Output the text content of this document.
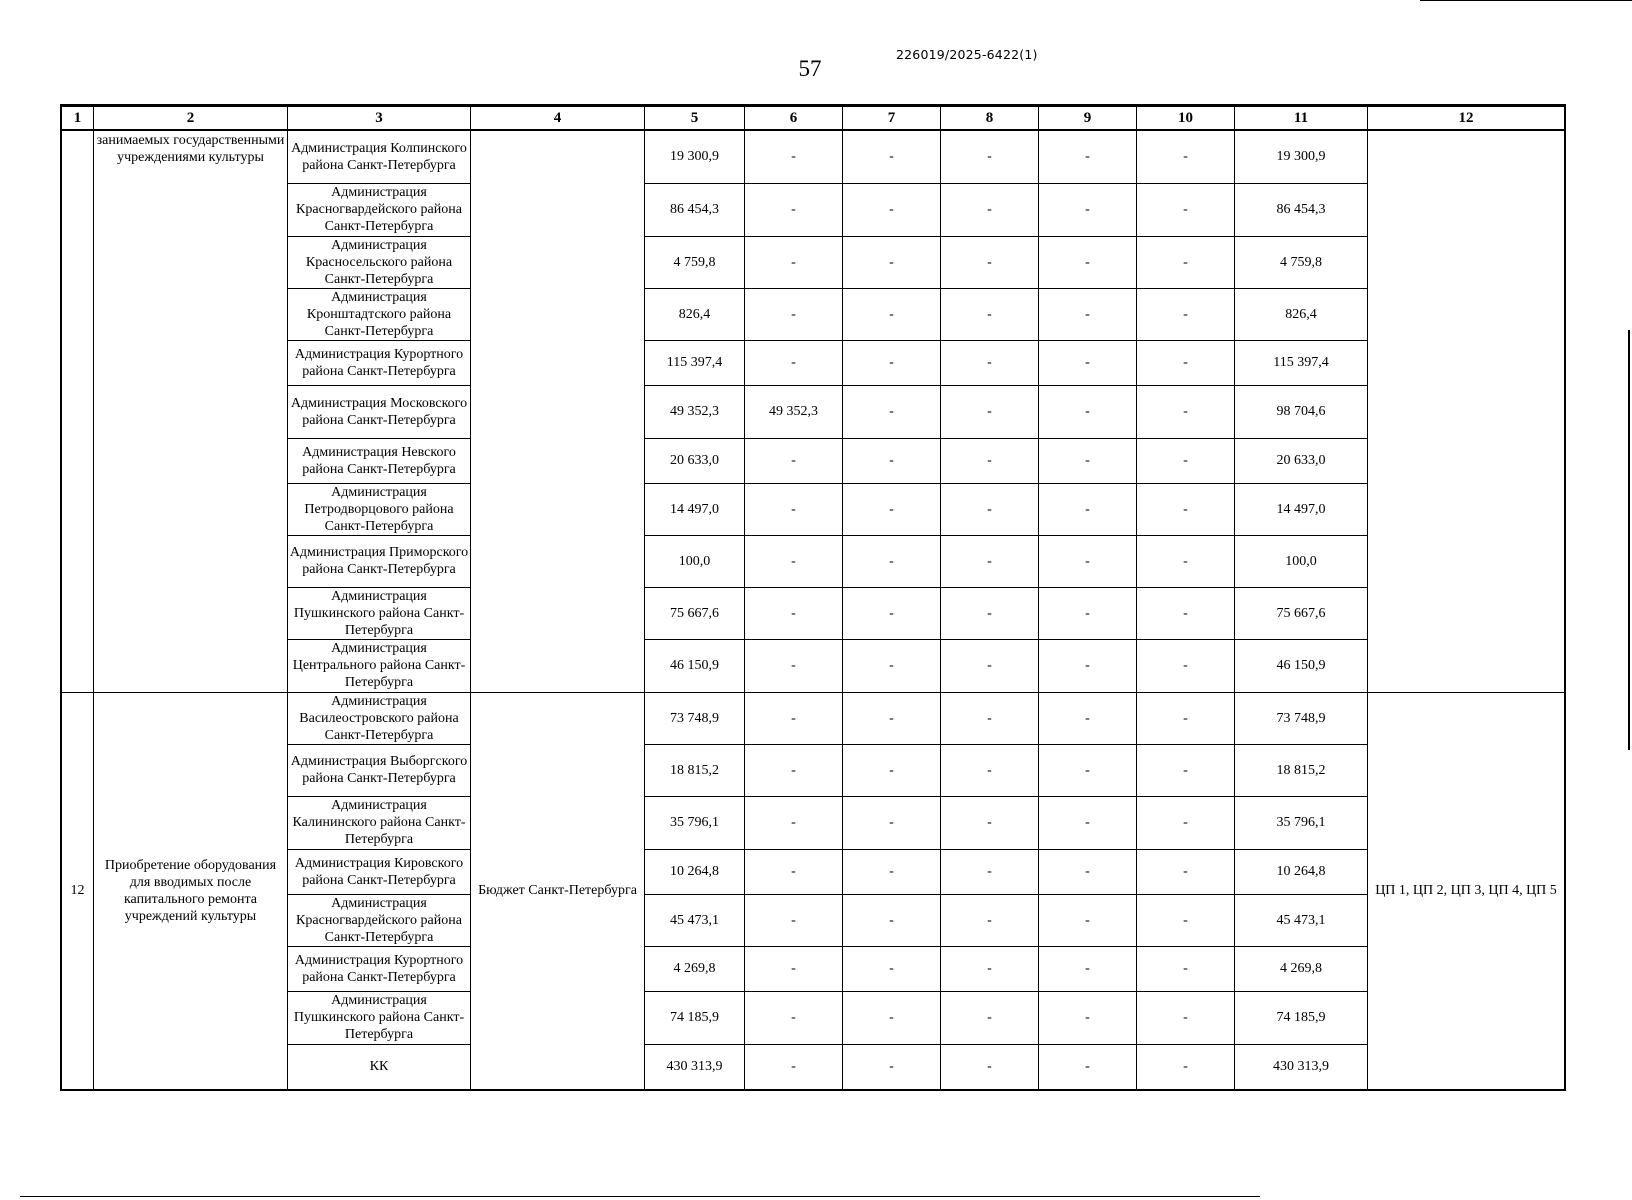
57
226019/2025-6422(1)
1	2	3	4	5	6	7	8	9	10	11	12
	занимаемых государственными учреждениями культуры	Администрация Колпинского района Санкт-Петербурга		19 300,9	-	-	-	-	-	19 300,9	
		Администрация Красногвардейского района Санкт-Петербурга		86 454,3	-	-	-	-	-	86 454,3	
		Администрация Красносельского района Санкт-Петербурга		4 759,8	-	-	-	-	-	4 759,8	
		Администрация Кронштадтского района Санкт-Петербурга		826,4	-	-	-	-	-	826,4	
		Администрация Курортного района Санкт-Петербурга		115 397,4	-	-	-	-	-	115 397,4	
		Администрация Московского района Санкт-Петербурга		49 352,3	49 352,3	-	-	-	-	98 704,6	
		Администрация Невского района Санкт-Петербурга		20 633,0	-	-	-	-	-	20 633,0	
		Администрация Петродворцового района Санкт-Петербурга		14 497,0	-	-	-	-	-	14 497,0	
		Администрация Приморского района Санкт-Петербурга		100,0	-	-	-	-	-	100,0	
		Администрация Пушкинского района Санкт-Петербурга		75 667,6	-	-	-	-	-	75 667,6	
		Администрация Центрального района Санкт-Петербурга		46 150,9	-	-	-	-	-	46 150,9	
12	Приобретение оборудования для вводимых после капитального ремонта учреждений культуры	Администрация Василеостровского района Санкт-Петербурга	Бюджет Санкт-Петербурга	73 748,9	-	-	-	-	-	73 748,9	ЦП 1, ЦП 2, ЦП 3, ЦП 4, ЦП 5
		Администрация Выборгского района Санкт-Петербурга		18 815,2	-	-	-	-	-	18 815,2	
		Администрация Калининского района Санкт-Петербурга		35 796,1	-	-	-	-	-	35 796,1	
		Администрация Кировского района Санкт-Петербурга		10 264,8	-	-	-	-	-	10 264,8	
		Администрация Красногвардейского района Санкт-Петербурга		45 473,1	-	-	-	-	-	45 473,1	
		Администрация Курортного района Санкт-Петербурга		4 269,8	-	-	-	-	-	4 269,8	
		Администрация Пушкинского района Санкт-Петербурга		74 185,9	-	-	-	-	-	74 185,9	
		КК		430 313,9	-	-	-	-	-	430 313,9	
